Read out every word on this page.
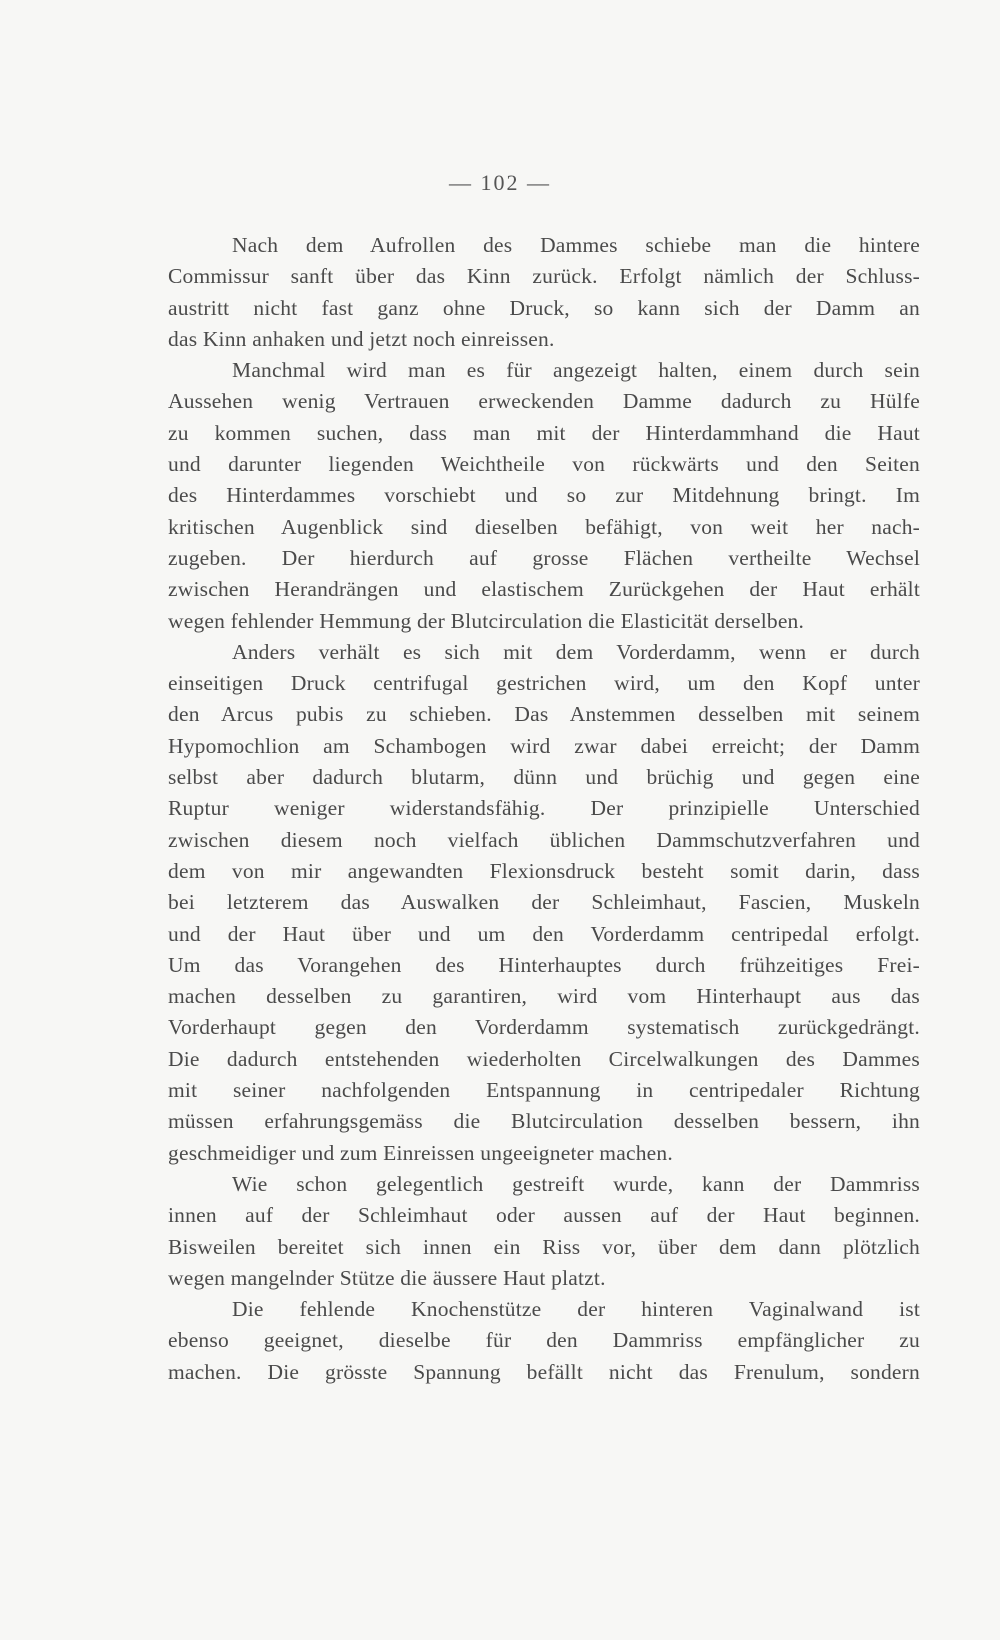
— 102 —
Nach dem Aufrollen des Dammes schiebe man die hintere
Commissur sanft über das Kinn zurück. Erfolgt nämlich der Schluss-
austritt nicht fast ganz ohne Druck, so kann sich der Damm an
das Kinn anhaken und jetzt noch einreissen.
Manchmal wird man es für angezeigt halten, einem durch sein
Aussehen wenig Vertrauen erweckenden Damme dadurch zu Hülfe
zu kommen suchen, dass man mit der Hinterdammhand die Haut
und darunter liegenden Weichtheile von rückwärts und den Seiten
des Hinterdammes vorschiebt und so zur Mitdehnung bringt. Im
kritischen Augenblick sind dieselben befähigt, von weit her nach-
zugeben. Der hierdurch auf grosse Flächen vertheilte Wechsel
zwischen Herandrängen und elastischem Zurückgehen der Haut erhält
wegen fehlender Hemmung der Blutcirculation die Elasticität derselben.
Anders verhält es sich mit dem Vorderdamm, wenn er durch
einseitigen Druck centrifugal gestrichen wird, um den Kopf unter
den Arcus pubis zu schieben. Das Anstemmen desselben mit seinem
Hypomochlion am Schambogen wird zwar dabei erreicht; der Damm
selbst aber dadurch blutarm, dünn und brüchig und gegen eine
Ruptur weniger widerstandsfähig. Der prinzipielle Unterschied
zwischen diesem noch vielfach üblichen Dammschutzverfahren und
dem von mir angewandten Flexionsdruck besteht somit darin, dass
bei letzterem das Auswalken der Schleimhaut, Fascien, Muskeln
und der Haut über und um den Vorderdamm centripedal erfolgt.
Um das Vorangehen des Hinterhauptes durch frühzeitiges Frei-
machen desselben zu garantiren, wird vom Hinterhaupt aus das
Vorderhaupt gegen den Vorderdamm systematisch zurückgedrängt.
Die dadurch entstehenden wiederholten Circelwalkungen des Dammes
mit seiner nachfolgenden Entspannung in centripedaler Richtung
müssen erfahrungsgemäss die Blutcirculation desselben bessern, ihn
geschmeidiger und zum Einreissen ungeeigneter machen.
Wie schon gelegentlich gestreift wurde, kann der Dammriss
innen auf der Schleimhaut oder aussen auf der Haut beginnen.
Bisweilen bereitet sich innen ein Riss vor, über dem dann plötzlich
wegen mangelnder Stütze die äussere Haut platzt.
Die fehlende Knochenstütze der hinteren Vaginalwand ist
ebenso geeignet, dieselbe für den Dammriss empfänglicher zu
machen. Die grösste Spannung befällt nicht das Frenulum, sondern
